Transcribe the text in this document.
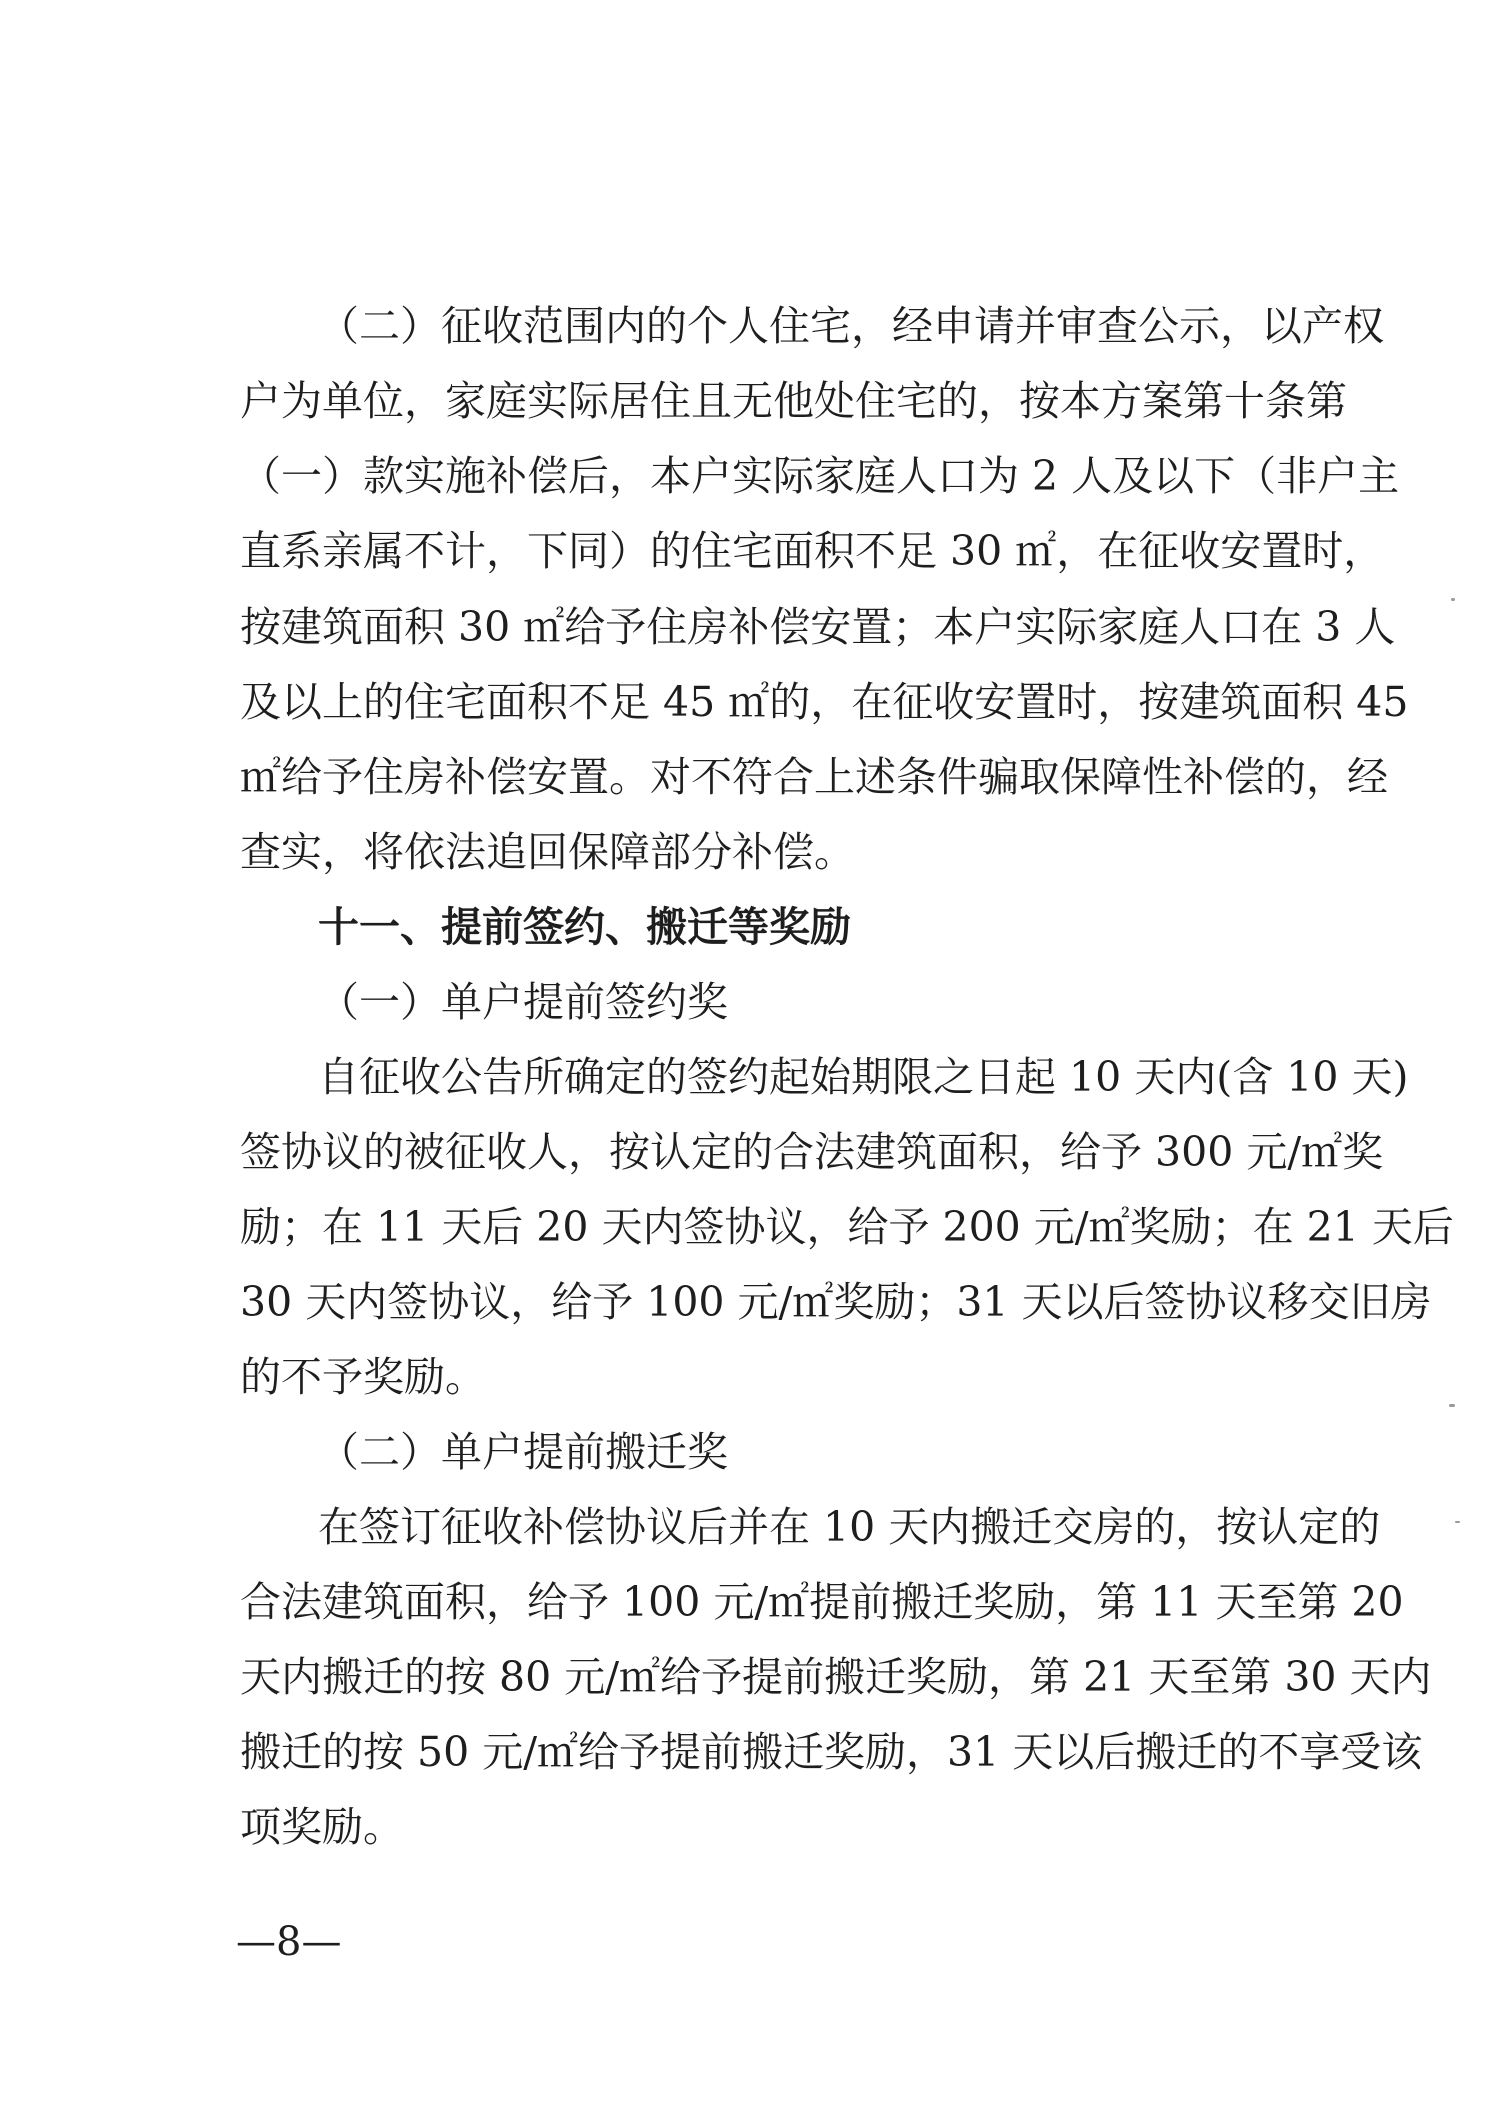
（二）征收范围内的个人住宅，经申请并审查公示，以产权
户为单位，家庭实际居住且无他处住宅的，按本方案第十条第
（一）款实施补偿后，本户实际家庭人口为 2 人及以下（非户主
直系亲属不计，下同）的住宅面积不足 30 ㎡，在征收安置时，
按建筑面积 30 ㎡给予住房补偿安置；本户实际家庭人口在 3 人
及以上的住宅面积不足 45 ㎡的，在征收安置时，按建筑面积 45
㎡给予住房补偿安置。对不符合上述条件骗取保障性补偿的，经
查实，将依法追回保障部分补偿。
十一、提前签约、搬迁等奖励
（一）单户提前签约奖
自征收公告所确定的签约起始期限之日起 10 天内(含 10 天)
签协议的被征收人，按认定的合法建筑面积，给予 300 元/㎡奖
励；在 11 天后 20 天内签协议，给予 200 元/㎡奖励；在 21 天后
30 天内签协议，给予 100 元/㎡奖励；31 天以后签协议移交旧房
的不予奖励。
（二）单户提前搬迁奖
在签订征收补偿协议后并在 10 天内搬迁交房的，按认定的
合法建筑面积，给予 100 元/㎡提前搬迁奖励，第 11 天至第 20
天内搬迁的按 80 元/㎡给予提前搬迁奖励，第 21 天至第 30 天内
搬迁的按 50 元/㎡给予提前搬迁奖励，31 天以后搬迁的不享受该
项奖励。
—8—
